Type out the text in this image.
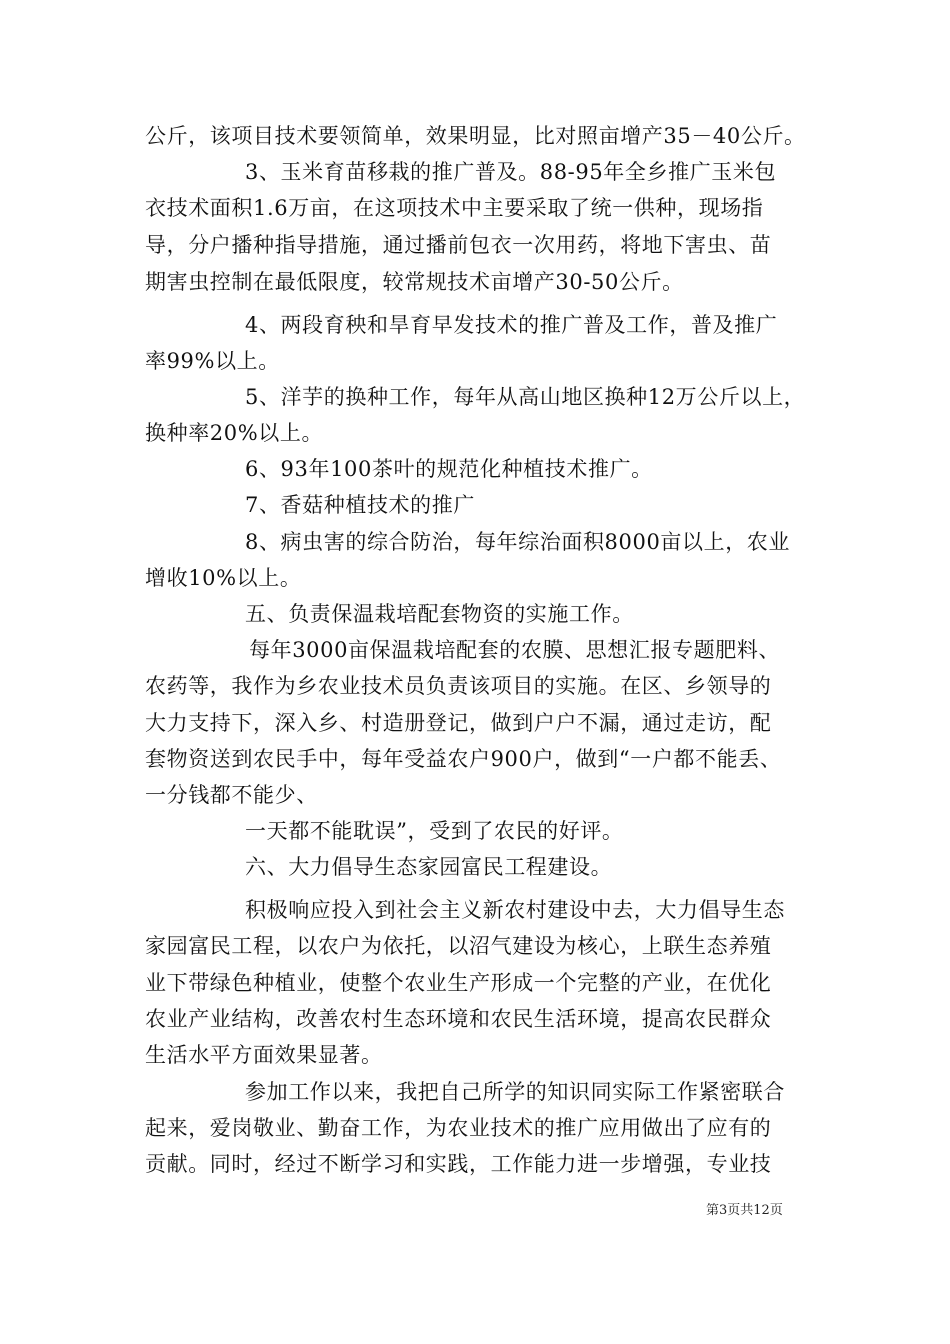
公斤，该项目技术要领简单，效果明显，比对照亩增产35－40公斤。
3、玉米育苗移栽的推广普及。88-95年全乡推广玉米包
衣技术面积1.6万亩，在这项技术中主要采取了统一供种，现场指
导，分户播种指导措施，通过播前包衣一次用药，将地下害虫、苗
期害虫控制在最低限度，较常规技术亩增产30-50公斤。
4、两段育秧和旱育早发技术的推广普及工作，普及推广
率99%以上。
5、洋芋的换种工作，每年从高山地区换种12万公斤以上，
换种率20%以上。
6、93年100茶叶的规范化种植技术推广。
7、香菇种植技术的推广
8、病虫害的综合防治，每年综治面积8000亩以上，农业
增收10%以上。
五、负责保温栽培配套物资的实施工作。
每年3000亩保温栽培配套的农膜、思想汇报专题肥料、
农药等，我作为乡农业技术员负责该项目的实施。在区、乡领导的
大力支持下，深入乡、村造册登记，做到户户不漏，通过走访，配
套物资送到农民手中，每年受益农户900户，做到“一户都不能丢、
一分钱都不能少、
一天都不能耽误”，受到了农民的好评。
六、大力倡导生态家园富民工程建设。
积极响应投入到社会主义新农村建设中去，大力倡导生态
家园富民工程，以农户为依托，以沼气建设为核心，上联生态养殖
业下带绿色种植业，使整个农业生产形成一个完整的产业，在优化
农业产业结构，改善农村生态环境和农民生活环境，提高农民群众
生活水平方面效果显著。
参加工作以来，我把自己所学的知识同实际工作紧密联合
起来，爱岗敬业、勤奋工作，为农业技术的推广应用做出了应有的
贡献。同时，经过不断学习和实践，工作能力进一步增强，专业技
第3页共12页
